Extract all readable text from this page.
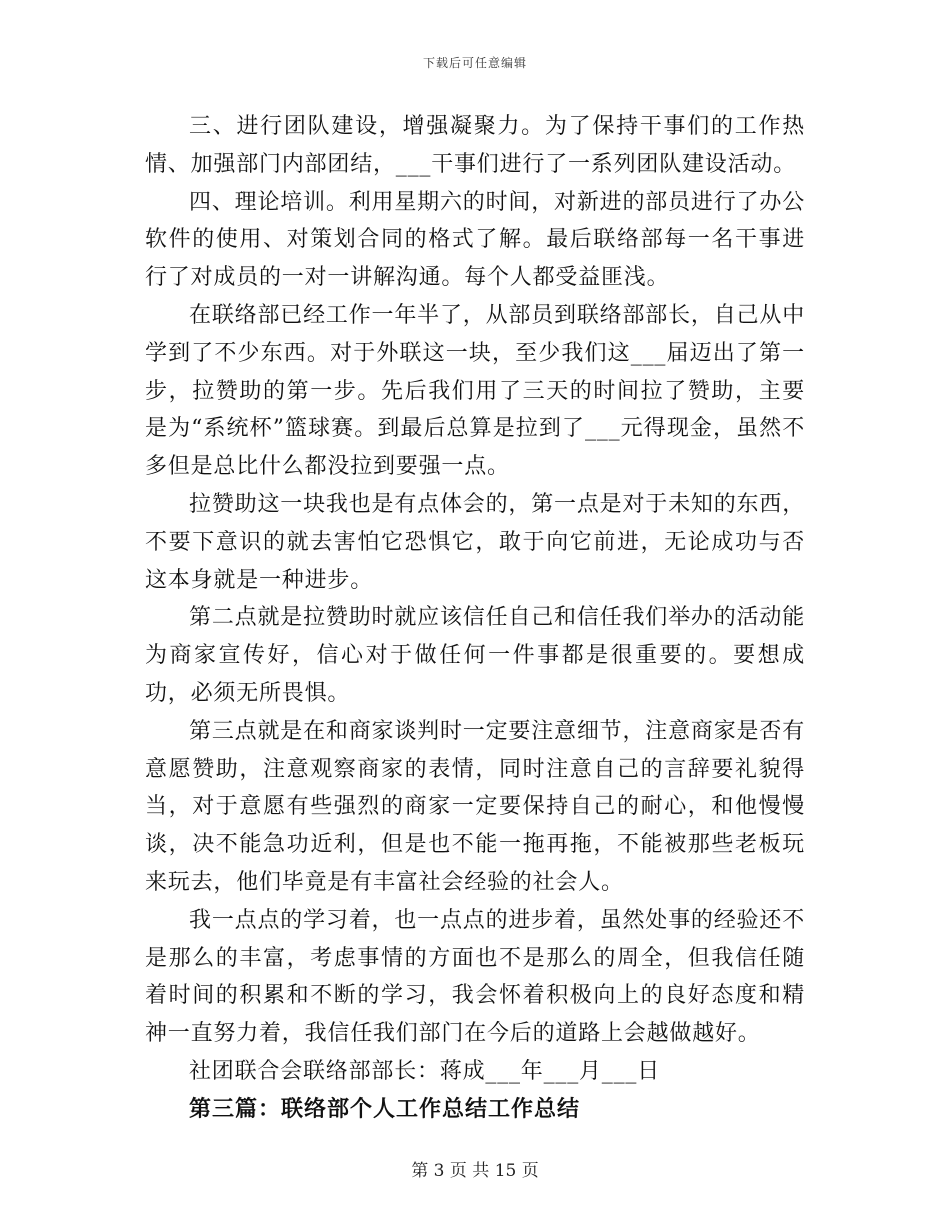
下载后可任意编辑

三、进行团队建设，增强凝聚力。为了保持干事们的工作热情、加强部门内部团结，___干事们进行了一系列团队建设活动。

四、理论培训。利用星期六的时间，对新进的部员进行了办公软件的使用、对策划合同的格式了解。最后联络部每一名干事进行了对成员的一对一讲解沟通。每个人都受益匪浅。

在联络部已经工作一年半了，从部员到联络部部长，自己从中学到了不少东西。对于外联这一块，至少我们这___届迈出了第一步，拉赞助的第一步。先后我们用了三天的时间拉了赞助，主要是为“系统杯”篮球赛。到最后总算是拉到了___元得现金，虽然不多但是总比什么都没拉到要强一点。

拉赞助这一块我也是有点体会的，第一点是对于未知的东西，不要下意识的就去害怕它恐惧它，敢于向它前进，无论成功与否这本身就是一种进步。

第二点就是拉赞助时就应该信任自己和信任我们举办的活动能为商家宣传好，信心对于做任何一件事都是很重要的。要想成功，必须无所畏惧。

第三点就是在和商家谈判时一定要注意细节，注意商家是否有意愿赞助，注意观察商家的表情，同时注意自己的言辞要礼貌得当，对于意愿有些强烈的商家一定要保持自己的耐心，和他慢慢谈，决不能急功近利，但是也不能一拖再拖，不能被那些老板玩来玩去，他们毕竟是有丰富社会经验的社会人。

我一点点的学习着，也一点点的进步着，虽然处事的经验还不是那么的丰富，考虑事情的方面也不是那么的周全，但我信任随着时间的积累和不断的学习，我会怀着积极向上的良好态度和精神一直努力着，我信任我们部门在今后的道路上会越做越好。

社团联合会联络部部长：蒋成___年___月___日

第三篇：联络部个人工作总结工作总结

第 3 页 共 15 页
